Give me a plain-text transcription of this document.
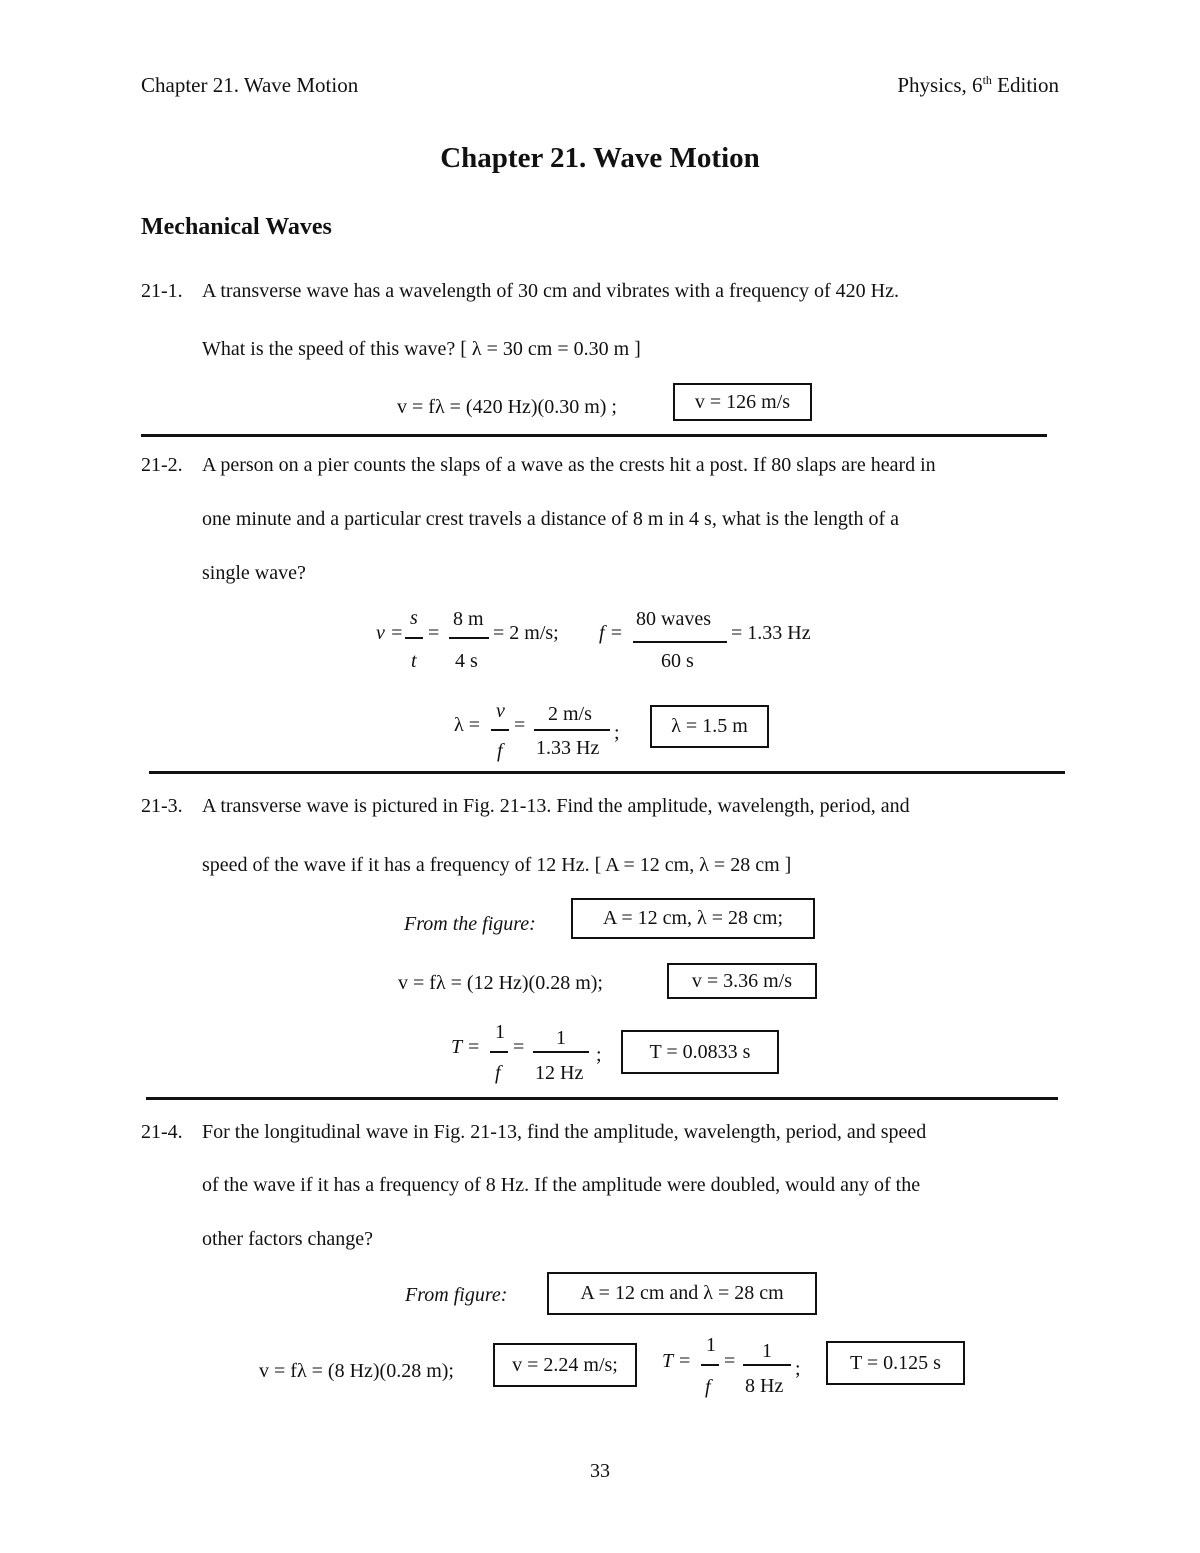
Chapter 21. Wave Motion	Physics, 6th Edition
Chapter 21. Wave Motion
Mechanical Waves
21-1. A transverse wave has a wavelength of 30 cm and vibrates with a frequency of 420 Hz.
What is the speed of this wave? [ λ = 30 cm = 0.30 m ]
v = fλ = (420 Hz)(0.30 m) ;	v = 126 m/s
21-2. A person on a pier counts the slaps of a wave as the crests hit a post. If 80 slaps are heard in
one minute and a particular crest travels a distance of 8 m in 4 s, what is the length of a
single wave?
v =
s
t
=
8 m
4 s
= 2 m/s; f =
80 waves
60 s
= 1.33 Hz
λ =
v
f
= 2 m/s
1.33 Hz
;	λ = 1.5 m
21-3. A transverse wave is pictured in Fig. 21-13. Find the amplitude, wavelength, period, and
speed of the wave if it has a frequency of 12 Hz. [ A = 12 cm, λ = 28 cm ]
From the figure:	A = 12 cm, λ = 28 cm;
v = fλ = (12 Hz)(0.28 m);	v = 3.36 m/s
T =
1
f
= 1
12 Hz
;	T = 0.0833 s
21-4. For the longitudinal wave in Fig. 21-13, find the amplitude, wavelength, period, and speed
of the wave if it has a frequency of 8 Hz. If the amplitude were doubled, would any of the
other factors change?
From figure:	A = 12 cm and λ = 28 cm
v = fλ = (8 Hz)(0.28 m);	v = 2.24 m/s;	T =
1
f
= 1
8 Hz
;	T = 0.125 s
33
